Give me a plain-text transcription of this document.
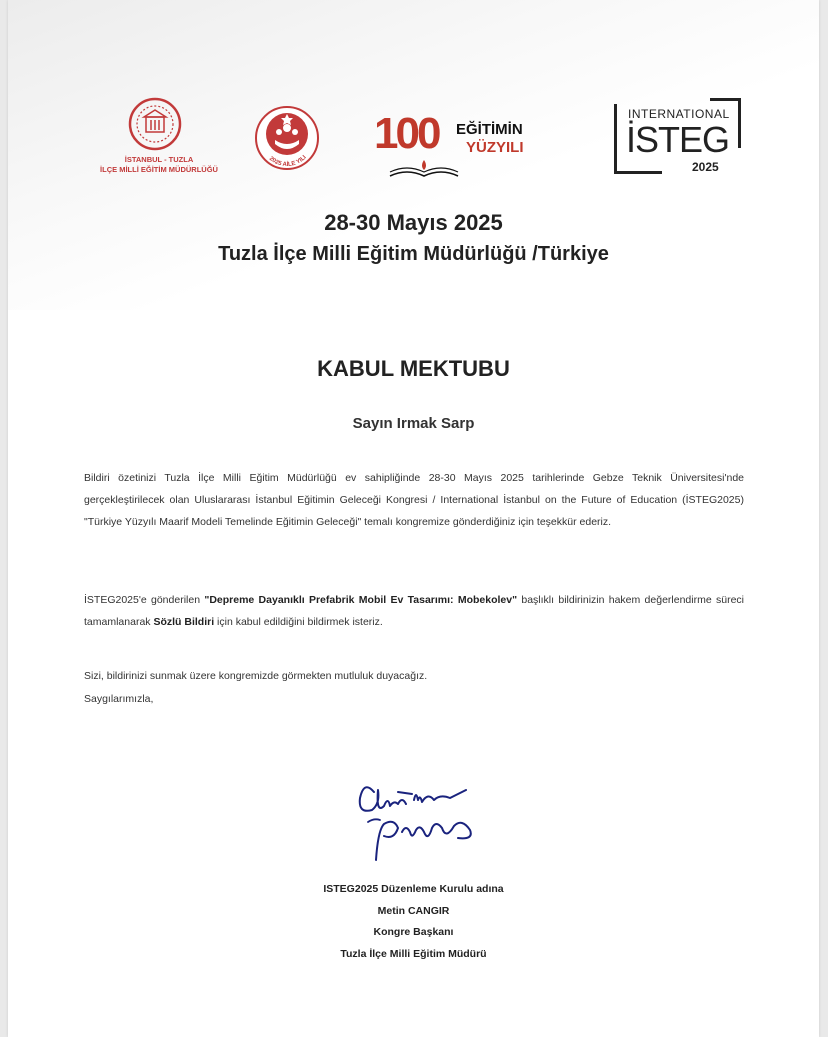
İSTANBUL - TUZLA
İLÇE MİLLİ EĞİTİM MÜDÜRLÜĞÜ
2025 AİLE YILI 100 EĞİTİMİN
YÜZYILI
INTERNATIONAL
İSTEG
2025
28-30 Mayıs 2025
Tuzla İlçe Milli Eğitim Müdürlüğü /Türkiye
KABUL MEKTUBU
Sayın Irmak Sarp
Bildiri özetinizi Tuzla İlçe Milli Eğitim Müdürlüğü ev sahipliğinde 28-30 Mayıs 2025 tarihlerinde Gebze Teknik Üniversitesi'nde gerçekleştirilecek olan Uluslararası İstanbul Eğitimin Geleceği Kongresi / International İstanbul on the Future of Education (İSTEG2025) "Türkiye Yüzyılı Maarif Modeli Temelinde Eğitimin Geleceği" temalı kongremize gönderdiğiniz için teşekkür ederiz.
İSTEG2025'e gönderilen "Depreme Dayanıklı Prefabrik Mobil Ev Tasarımı: Mobekolev" başlıklı bildirinizin hakem değerlendirme süreci tamamlanarak Sözlü Bildiri için kabul edildiğini bildirmek isteriz.
Sizi, bildirinizi sunmak üzere kongremizde görmekten mutluluk duyacağız.
Saygılarımızla,
ISTEG2025 Düzenleme Kurulu adına
Metin CANGIR
Kongre Başkanı
Tuzla İlçe Milli Eğitim Müdürü
